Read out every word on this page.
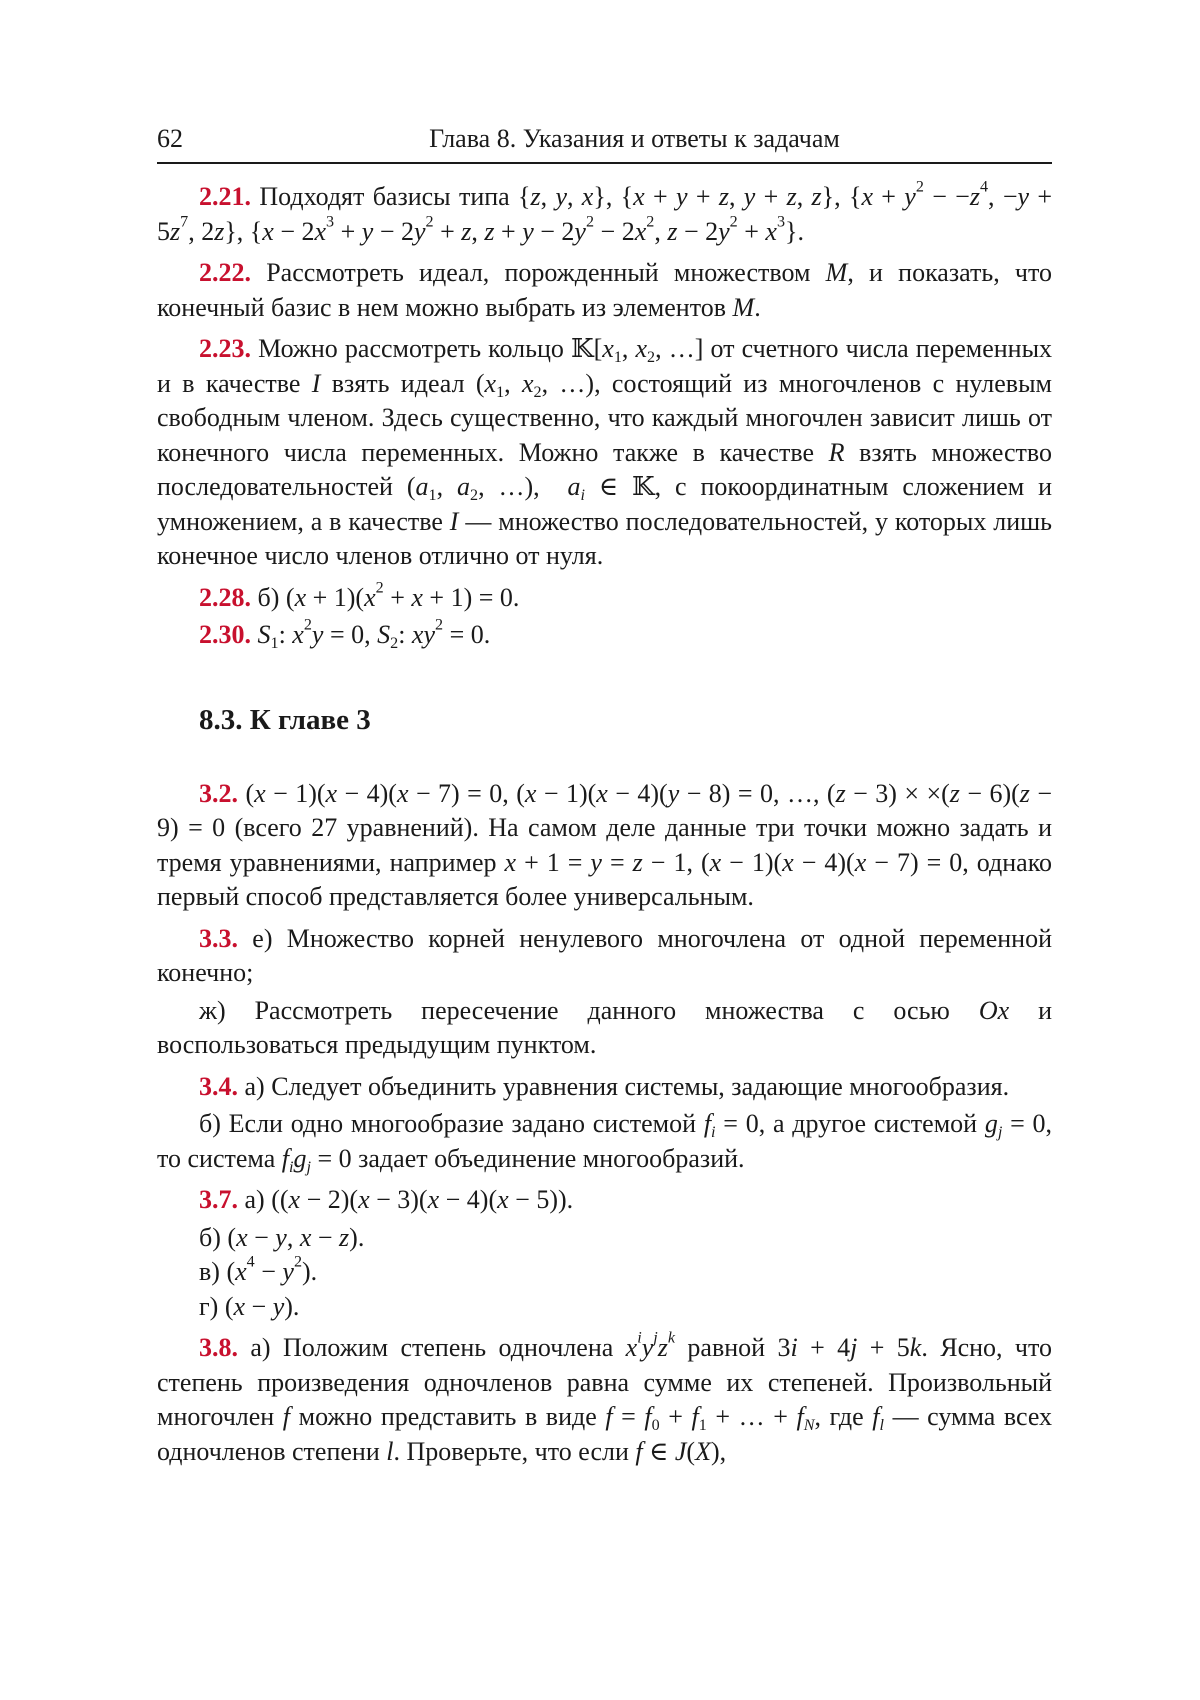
62	Глава 8. Указания и ответы к задачам

2.21. Подходят базисы типа {z, y, x}, {x + y + z, y + z, z}, {$x + y^2 - -z^4$, $-y + 5z^7$, 2z}, {$x - 2x^3 + y - 2y^2 + z$, $z + y - 2y^2 - 2x^2$, $z - 2y^2 + x^3$}.

2.22. Рассмотреть идеал, порожденный множеством M, и показать, что конечный базис в нем можно выбрать из элементов M.

2.23. Можно рассмотреть кольцо $𝕂[x_1$, $x_2$, …] от счетного числа переменных и в качестве I взять идеал ($x_1$, $x_2$, …), состоящий из многочленов с нулевым свободным членом. Здесь существенно, что каждый многочлен зависит лишь от конечного числа переменных. Можно также в качестве R взять множество последовательностей ($a_1$, $a_2$, …),  $a_i$ ∈ 𝕂, с покоординатным сложением и умножением, а в качестве I — множество последовательностей, у которых лишь конечное число членов отлично от нуля.

2.28. б) $(x + 1)(x^2 + x + 1) = 0$.

2.30. $S_1$: $x^2y = 0$, $S_2$: $xy^2 = 0$.

8.3. К главе 3

3.2. (x − 1)(x − 4)(x − 7) = 0, (x − 1)(x − 4)(y − 8) = 0, …, (z − 3) × ×(z − 6)(z − 9) = 0 (всего 27 уравнений). На самом деле данные три точки можно задать и тремя уравнениями, например x + 1 = y = z − 1, (x − 1)(x − 4)(x − 7) = 0, однако первый способ представляется более универсальным.

3.3. е) Множество корней ненулевого многочлена от одной переменной конечно;

ж) Рассмотреть пересечение данного множества с осью Ox и воспользоваться предыдущим пунктом.

3.4. а) Следует объединить уравнения системы, задающие многообразия.

б) Если одно многообразие задано системой $f_i = 0$, а другое системой $g_j = 0$, то система $f_ig_j = 0$ задает объединение многообразий.

3.7. а) ((x − 2)(x − 3)(x − 4)(x − 5)).

б) (x − y, x − z).

в) $(x^4 - y^2)$.

г) (x − y).

3.8. а) Положим степень одночлена $x^iy^jz^k$ равной 3i + 4j + 5k. Ясно, что степень произведения одночленов равна сумме их степеней. Произвольный многочлен f можно представить в виде $f = f_0 + f_1$ + … + $f_N$, где $f_l$ — сумма всех одночленов степени l. Проверьте, что если f ∈ J(X),
